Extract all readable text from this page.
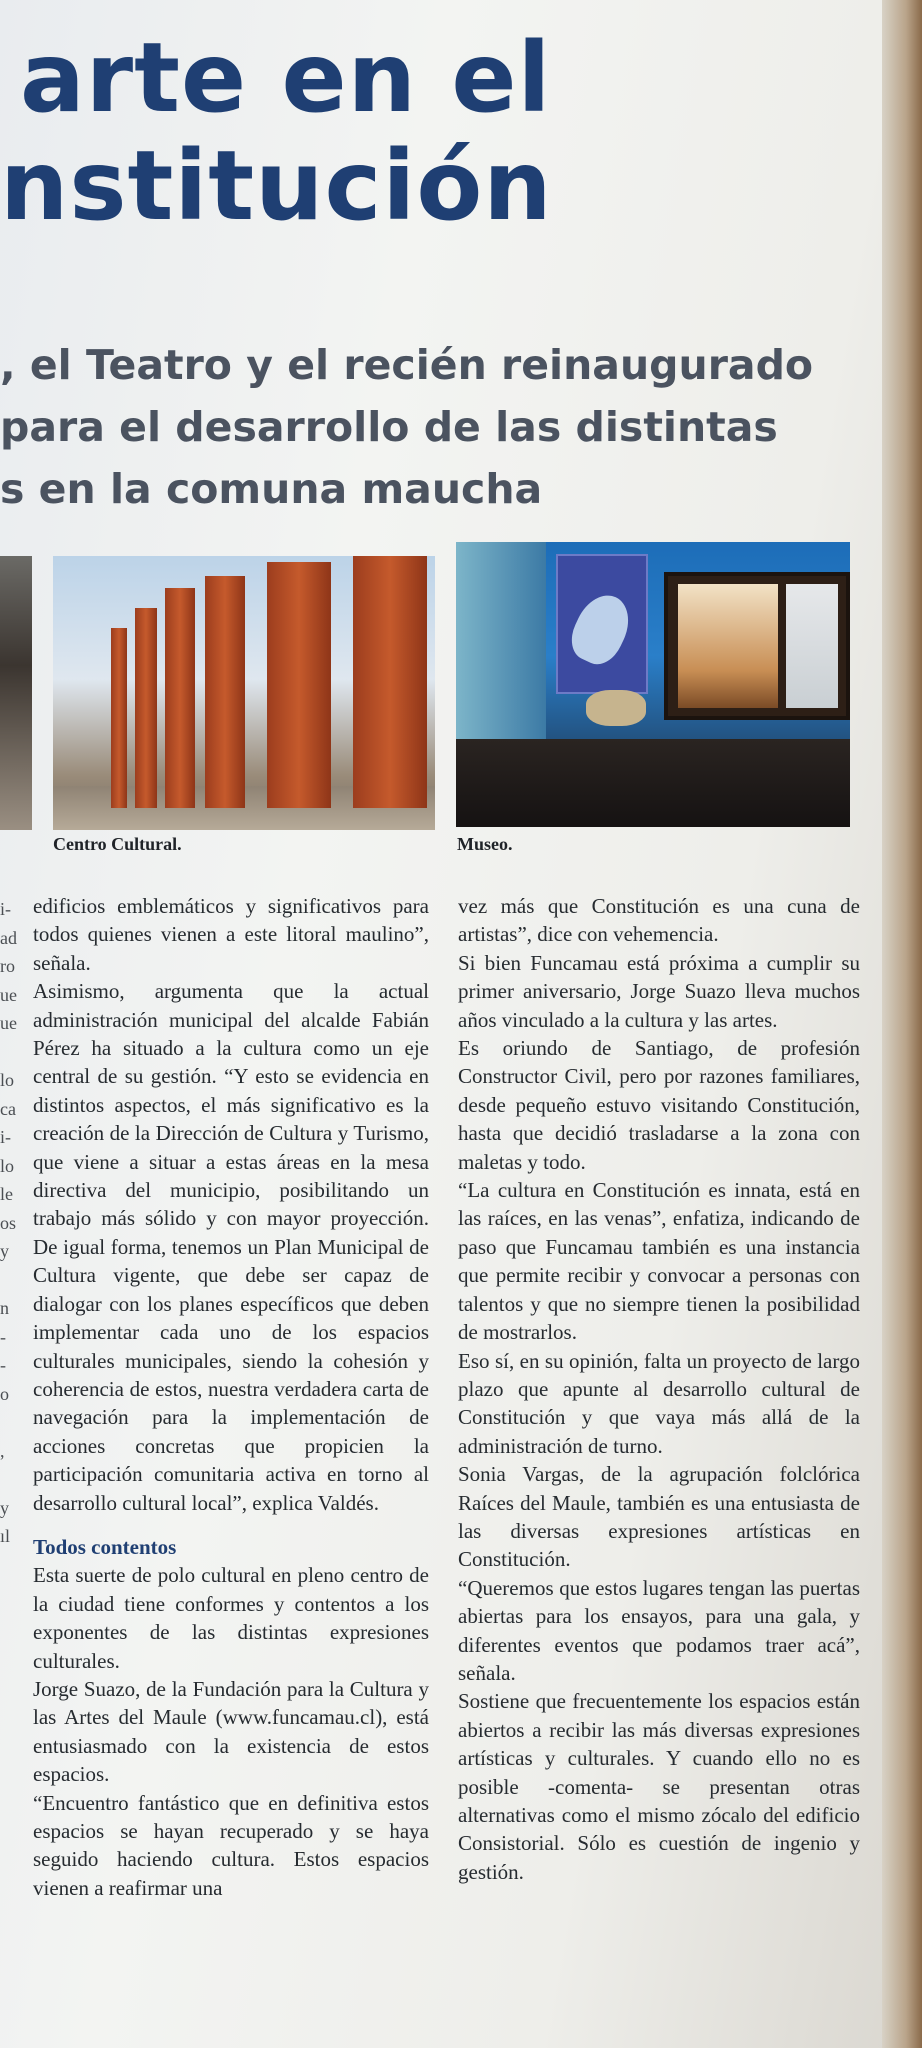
arte en el
nstitución
, el Teatro y el recién reinaugurado
para el desarrollo de las distintas
s en la comuna maucha

Centro Cultural.	Museo.

i-

ad

ro

ue

ue

lo

ca

i-

lo

le

os

y

n

-

-

o

,

y

ıl

edificios emblemáticos y significativos para todos quienes vienen a este litoral maulino”, señala.

Asimismo, argumenta que la actual administración municipal del alcalde Fabián Pérez ha situado a la cultura como un eje central de su gestión. “Y esto se evidencia en distintos aspectos, el más significativo es la creación de la Dirección de Cultura y Turismo, que viene a situar a estas áreas en la mesa directiva del municipio, posibilitando un trabajo más sólido y con mayor proyección. De igual forma, tenemos un Plan Municipal de Cultura vigente, que debe ser capaz de dialogar con los planes específicos que deben implementar cada uno de los espacios culturales municipales, siendo la cohesión y coherencia de estos, nuestra verdadera carta de navegación para la implementación de acciones concretas que propicien la participación comunitaria activa en torno al desarrollo cultural local”, explica Valdés.

Todos contentos

Esta suerte de polo cultural en pleno centro de la ciudad tiene conformes y contentos a los exponentes de las distintas expresiones culturales.

Jorge Suazo, de la Fundación para la Cultura y las Artes del Maule (www.funcamau.cl), está entusiasmado con la existencia de estos espacios.

“Encuentro fantástico que en definitiva estos espacios se hayan recuperado y se haya seguido haciendo cultura. Estos espacios vienen a reafirmar una

vez más que Constitución es una cuna de artistas”, dice con vehemencia.

Si bien Funcamau está próxima a cumplir su primer aniversario, Jorge Suazo lleva muchos años vinculado a la cultura y las artes.

Es oriundo de Santiago, de profesión Constructor Civil, pero por razones familiares, desde pequeño estuvo visitando Constitución, hasta que decidió trasladarse a la zona con maletas y todo.

“La cultura en Constitución es innata, está en las raíces, en las venas”, enfatiza, indicando de paso que Funcamau también es una instancia que permite recibir y convocar a personas con talentos y que no siempre tienen la posibilidad de mostrarlos.

Eso sí, en su opinión, falta un proyecto de largo plazo que apunte al desarrollo cultural de Constitución y que vaya más allá de la administración de turno.

Sonia Vargas, de la agrupación folclórica Raíces del Maule, también es una entusiasta de las diversas expresiones artísticas en Constitución.

“Queremos que estos lugares tengan las puertas abiertas para los ensayos, para una gala, y diferentes eventos que podamos traer acá”, señala.

Sostiene que frecuentemente los espacios están abiertos a recibir las más diversas expresiones artísticas y culturales. Y cuando ello no es posible -comenta- se presentan otras alternativas como el mismo zócalo del edificio Consistorial. Sólo es cuestión de ingenio y gestión.
